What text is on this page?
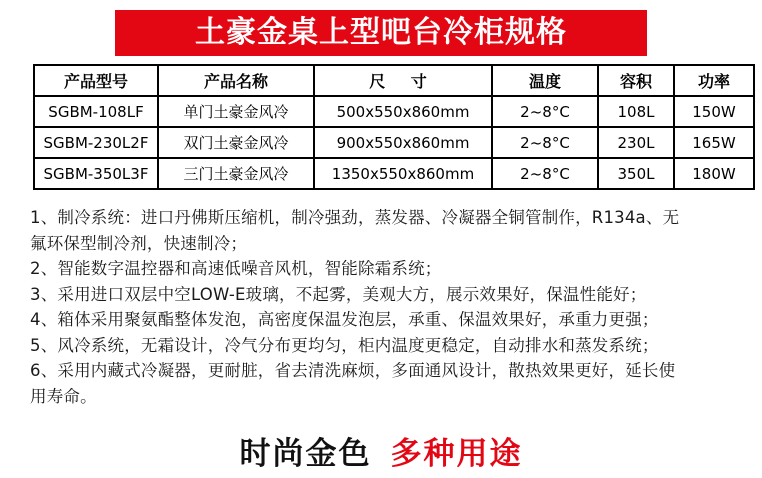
土豪金桌上型吧台冷柜规格
产品型号	产品名称	尺 寸	温度	容积	功率
SGBM-108LF	单门土豪金风冷	500x550x860mm	2~8°C	108L	150W
SGBM-230L2F	双门土豪金风冷	900x550x860mm	2~8°C	230L	165W
SGBM-350L3F	三门土豪金风冷	1350x550x860mm	2~8°C	350L	180W
1、制冷系统：进口丹佛斯压缩机，制冷强劲，蒸发器、冷凝器全铜管制作，R134a、无
氟环保型制冷剂，快速制冷；
2、智能数字温控器和高速低噪音风机，智能除霜系统；
3、采用进口双层中空LOW-E玻璃，不起雾，美观大方，展示效果好，保温性能好；
4、箱体采用聚氨酯整体发泡，高密度保温发泡层，承重、保温效果好，承重力更强；
5、风冷系统，无霜设计，冷气分布更均匀，柜内温度更稳定，自动排水和蒸发系统；
6、采用内藏式冷凝器，更耐脏，省去清洗麻烦，多面通风设计，散热效果更好，延长使
用寿命。
时尚金色 多种用途
